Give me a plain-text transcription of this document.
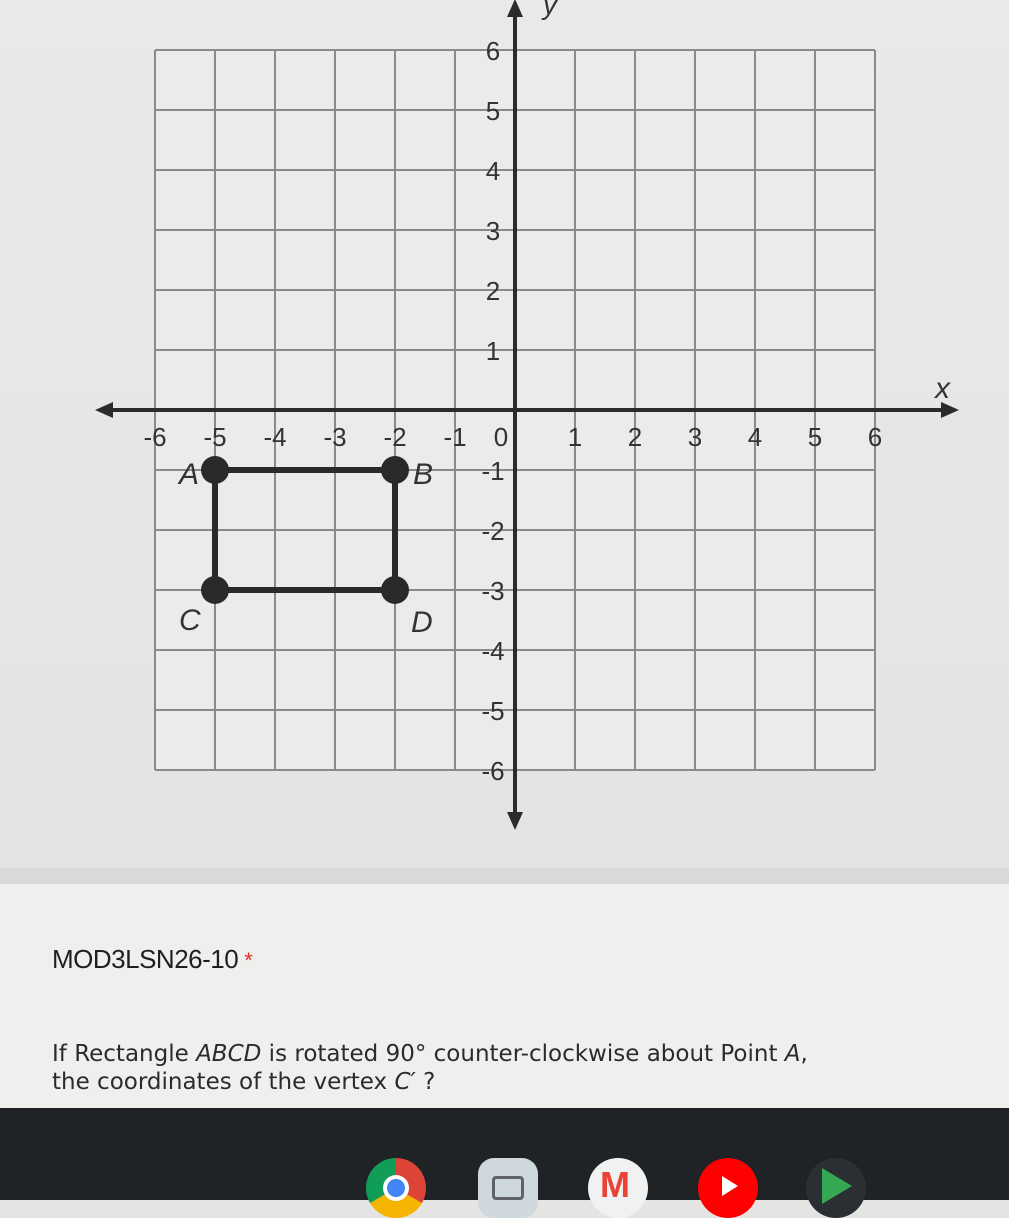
y
x
-6 -5 -4 -3 -2 -1 0 1 2 3 4 5 6
6
5
4
3
2
1
-1
-2
-3
-4
-5
-6
A	B
C	D
MOD3LSN26-10 *
If Rectangle ABCD is rotated 90° counter-clockwise about Point A,
the coordinates of the vertex C′ ?
M
